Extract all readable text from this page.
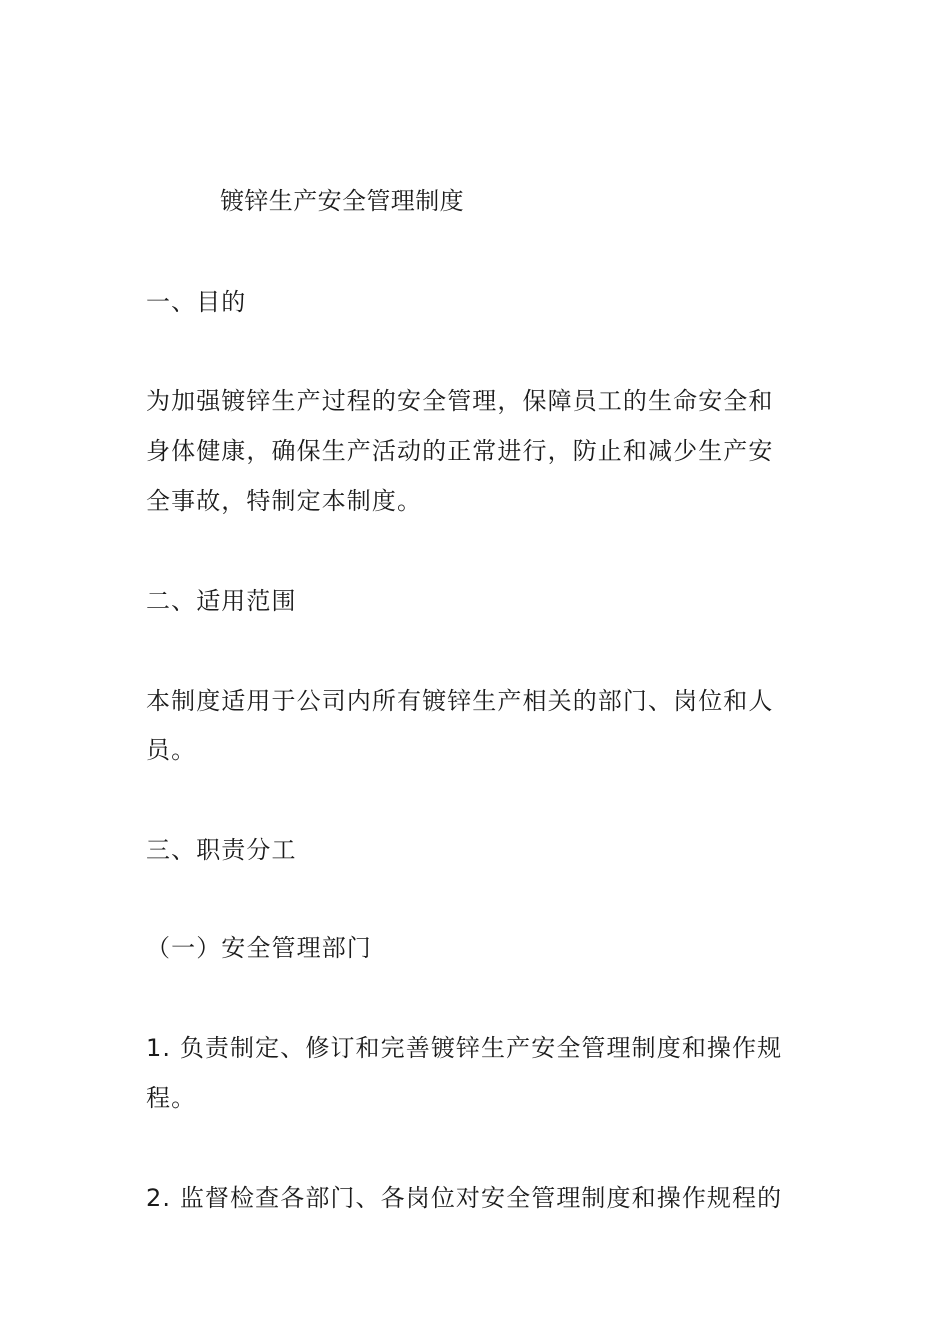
镀锌生产安全管理制度
一、目的
为加强镀锌生产过程的安全管理，保障员工的生命安全和
身体健康，确保生产活动的正常进行，防止和减少生产安
全事故，特制定本制度。
二、适用范围
本制度适用于公司内所有镀锌生产相关的部门、岗位和人
员。
三、职责分工
（一）安全管理部门
1. 负责制定、修订和完善镀锌生产安全管理制度和操作规
程。
2. 监督检查各部门、各岗位对安全管理制度和操作规程的
